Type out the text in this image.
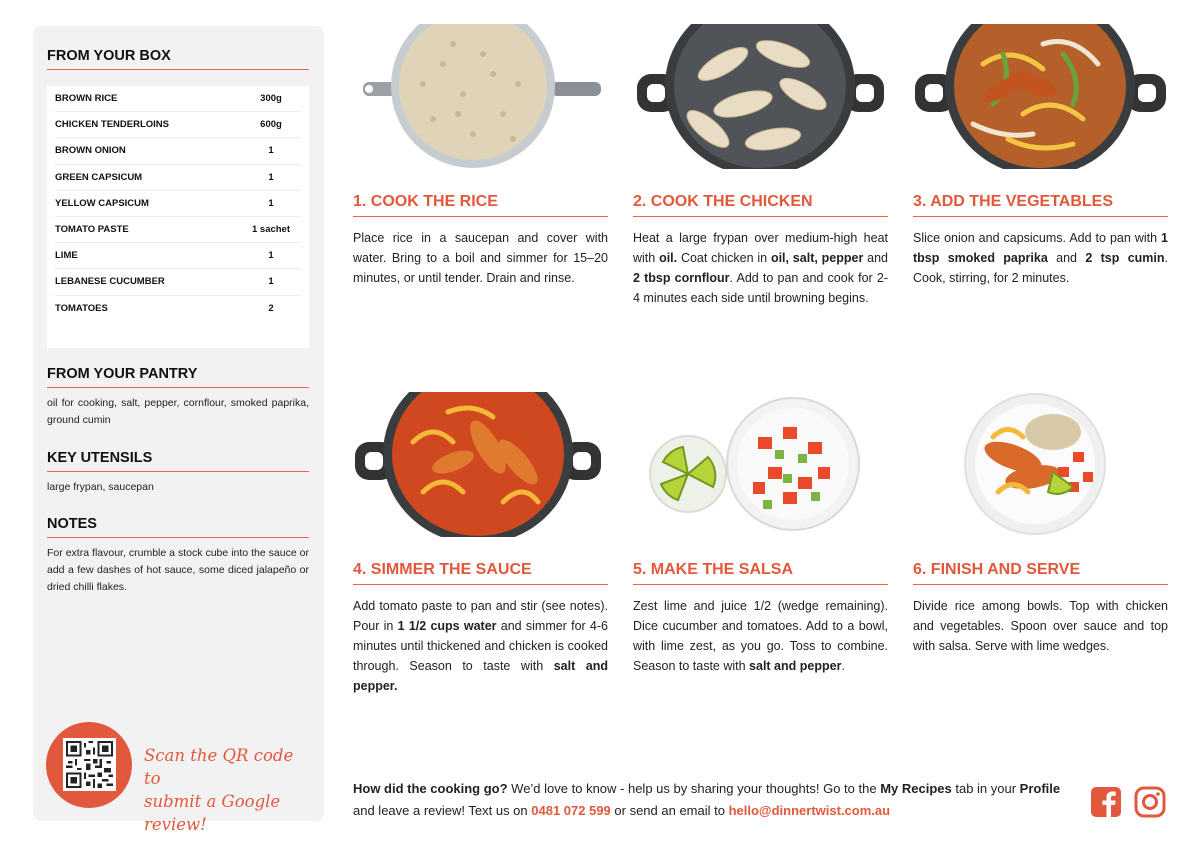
FROM YOUR BOX
BROWN RICE	300g
CHICKEN TENDERLOINS	600g
BROWN ONION	1
GREEN CAPSICUM	1
YELLOW CAPSICUM	1
TOMATO PASTE	1 sachet
LIME	1
LEBANESE CUCUMBER	1
TOMATOES	2
FROM YOUR PANTRY
oil for cooking, salt, pepper, cornflour, smoked paprika, ground cumin
KEY UTENSILS
large frypan, saucepan
NOTES
For extra flavour, crumble a stock cube into the sauce or add a few dashes of hot sauce, some diced jalapeño or dried chilli flakes.
Scan the QR code to
submit a Google review!
1. COOK THE RICE
Place rice in a saucepan and cover with water. Bring to a boil and simmer for 15–20 minutes, or until tender. Drain and rinse.
2. COOK THE CHICKEN
Heat a large frypan over medium-high heat with oil. Coat chicken in oil, salt, pepper and 2 tbsp cornflour. Add to pan and cook for 2-4 minutes each side until browning begins.
3. ADD THE VEGETABLES
Slice onion and capsicums. Add to pan with 1 tbsp smoked paprika and 2 tsp cumin. Cook, stirring, for 2 minutes.
4. SIMMER THE SAUCE
Add tomato paste to pan and stir (see notes). Pour in 1 1/2 cups water and simmer for 4-6 minutes until thickened and chicken is cooked through. Season to taste with salt and pepper.
5. MAKE THE SALSA
Zest lime and juice 1/2 (wedge remaining). Dice cucumber and tomatoes. Add to a bowl, with lime zest, as you go. Toss to combine. Season to taste with salt and pepper.
6. FINISH AND SERVE
Divide rice among bowls. Top with chicken and vegetables. Spoon over sauce and top with salsa. Serve with lime wedges.
How did the cooking go? We’d love to know - help us by sharing your thoughts! Go to the My Recipes tab in your Profile and leave a review! Text us on 0481 072 599 or send an email to hello@dinnertwist.com.au
